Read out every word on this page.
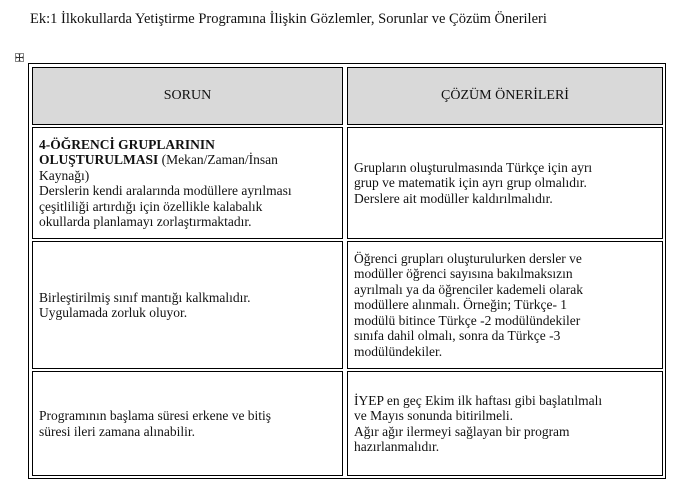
Ek:1 İlkokullarda Yetiştirme Programına İlişkin Gözlemler, Sorunlar ve Çözüm Önerileri
SORUN	ÇÖZÜM ÖNERİLERİ
4-ÖĞRENCİ GRUPLARININ
OLUŞTURULMASI (Mekan/Zaman/İnsan
Kaynağı)
Derslerin kendi aralarında modüllere ayrılması
çeşitliliği artırdığı için özellikle kalabalık
okullarda planlamayı zorlaştırmaktadır.
Grupların oluşturulmasında Türkçe için ayrı
grup ve matematik için ayrı grup olmalıdır.
Derslere ait modüller kaldırılmalıdır.
Birleştirilmiş sınıf mantığı kalkmalıdır.
Uygulamada zorluk oluyor.
Öğrenci grupları oluşturulurken dersler ve
modüller öğrenci sayısına bakılmaksızın
ayrılmalı ya da öğrenciler kademeli olarak
modüllere alınmalı. Örneğin; Türkçe- 1
modülü bitince Türkçe -2 modülündekiler
sınıfa dahil olmalı, sonra da Türkçe -3
modülündekiler.
Programının başlama süresi erkene ve bitiş
süresi ileri zamana alınabilir.
İYEP en geç Ekim ilk haftası gibi başlatılmalı
ve Mayıs sonunda bitirilmeli.
Ağır ağır ilermeyi sağlayan bir program
hazırlanmalıdır.
